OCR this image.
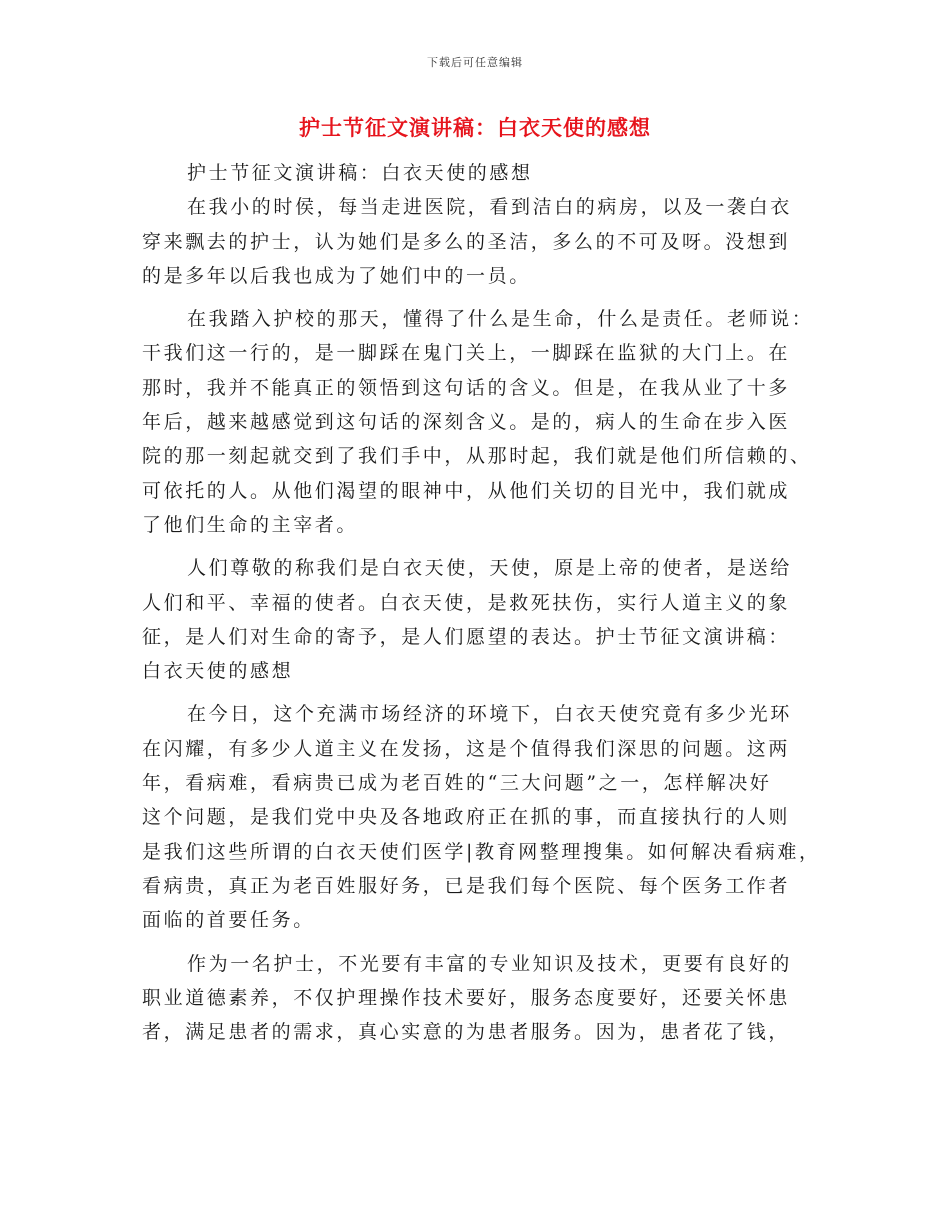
下载后可任意编辑
护士节征文演讲稿：白衣天使的感想

护士节征文演讲稿：白衣天使的感想

在我小的时侯，每当走进医院，看到洁白的病房，以及一袭白衣
穿来飘去的护士，认为她们是多么的圣洁，多么的不可及呀。没想到
的是多年以后我也成为了她们中的一员。

在我踏入护校的那天，懂得了什么是生命，什么是责任。老师说：
干我们这一行的，是一脚踩在鬼门关上，一脚踩在监狱的大门上。在
那时，我并不能真正的领悟到这句话的含义。但是，在我从业了十多
年后，越来越感觉到这句话的深刻含义。是的，病人的生命在步入医
院的那一刻起就交到了我们手中，从那时起，我们就是他们所信赖的、
可依托的人。从他们渴望的眼神中，从他们关切的目光中，我们就成
了他们生命的主宰者。

人们尊敬的称我们是白衣天使，天使，原是上帝的使者，是送给
人们和平、幸福的使者。白衣天使，是救死扶伤，实行人道主义的象
征，是人们对生命的寄予，是人们愿望的表达。护士节征文演讲稿：
白衣天使的感想

在今日，这个充满市场经济的环境下，白衣天使究竟有多少光环
在闪耀，有多少人道主义在发扬，这是个值得我们深思的问题。这两
年，看病难，看病贵已成为老百姓的“三大问题”之一，怎样解决好
这个问题，是我们党中央及各地政府正在抓的事，而直接执行的人则
是我们这些所谓的白衣天使们医学|教育网整理搜集。如何解决看病难，
看病贵，真正为老百姓服好务，已是我们每个医院、每个医务工作者
面临的首要任务。

作为一名护士，不光要有丰富的专业知识及技术，更要有良好的
职业道德素养，不仅护理操作技术要好，服务态度要好，还要关怀患
者，满足患者的需求，真心实意的为患者服务。因为，患者花了钱，
